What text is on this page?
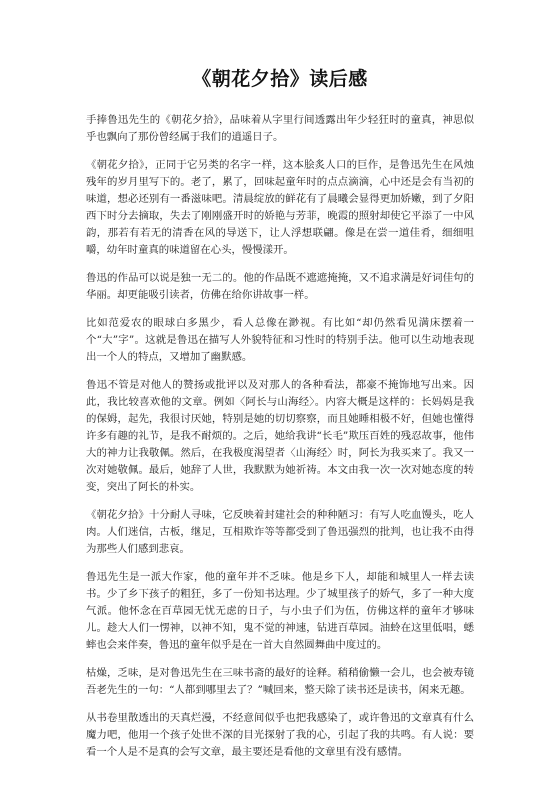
《朝花夕拾》读后感

手捧鲁迅先生的《朝花夕拾》，品味着从字里行间透露出年少轻狂时的童真，神思似乎也飘向了那份曾经属于我们的逍遥日子。

《朝花夕拾》，正同于它另类的名字一样，这本脍炙人口的巨作，是鲁迅先生在风烛残年的岁月里写下的。老了，累了，回味起童年时的点点滴滴，心中还是会有当初的味道，想必还别有一番滋味吧。清晨绽放的鲜花有了晨曦会显得更加娇嫩，到了夕阳西下时分去摘取，失去了刚刚盛开时的娇艳与芳菲，晚霞的照射却使它平添了一中风韵，那若有若无的清香在风的导送下，让人浮想联翩。像是在尝一道佳肴，细细咀嚼，幼年时童真的味道留在心头，慢慢漾开。

鲁迅的作品可以说是独一无二的。他的作品既不遮遮掩掩，又不追求满是好词佳句的华丽。却更能吸引读者，仿佛在给你讲故事一样。

比如范爱农的眼球白多黑少，看人总像在渺视。有比如“却仍然看见满床摆着一个“大”字”。这就是鲁迅在描写人外貌特征和习性时的特别手法。他可以生动地表现出一个人的特点，又增加了幽默感。

鲁迅不管是对他人的赞扬或批评以及对那人的各种看法，都豪不掩饰地写出来。因此，我比较喜欢他的文章。例如〈阿长与山海经〉。内容大概是这样的：长妈妈是我的保姆，起先，我很讨厌她，特别是她的切切察察，而且她睡相极不好，但她也懂得许多有趣的礼节，是我不耐烦的。之后，她给我讲“长毛”欺压百姓的残忍故事，他伟大的神力让我敬佩。然后，在我极度渴望者〈山海经〉时，阿长为我买来了。我又一次对她敬佩。最后，她辞了人世，我默默为她祈祷。本文由我一次一次对她态度的转变，突出了阿长的朴实。

《朝花夕拾》十分耐人寻味，它反映着封建社会的种种陋习：有写人吃血馒头，吃人肉。人们迷信，古板，继足，互相欺诈等等都受到了鲁迅强烈的批判，也让我不由得为那些人们感到悲哀。

鲁迅先生是一派大作家，他的童年并不乏味。他是乡下人，却能和城里人一样去读书。少了乡下孩子的粗狂，多了一份知书达理。少了城里孩子的娇气，多了一种大度气派。他怀念在百草园无忧无虑的日子，与小虫子们为伍，仿佛这样的童年才够味儿。趁大人们一愣神，以神不知，鬼不觉的神速，钻进百草园。油蛉在这里低唱，蟋蟀也会来伴奏，鲁迅的童年似乎是在一首大自然圆舞曲中度过的。

枯燥，乏味，是对鲁迅先生在三味书斋的最好的诠释。稍稍偷懒一会儿，也会被寿镜吾老先生的一句：“人都到哪里去了？”喊回来，整天除了读书还是读书，闲来无趣。

从书卷里散透出的天真烂漫，不经意间似乎也把我感染了，或许鲁迅的文章真有什么魔力吧，他用一个孩子处世不深的目光探射了我的心，引起了我的共鸣。有人说：要看一个人是不是真的会写文章，最主要还是看他的文章里有没有感情。
